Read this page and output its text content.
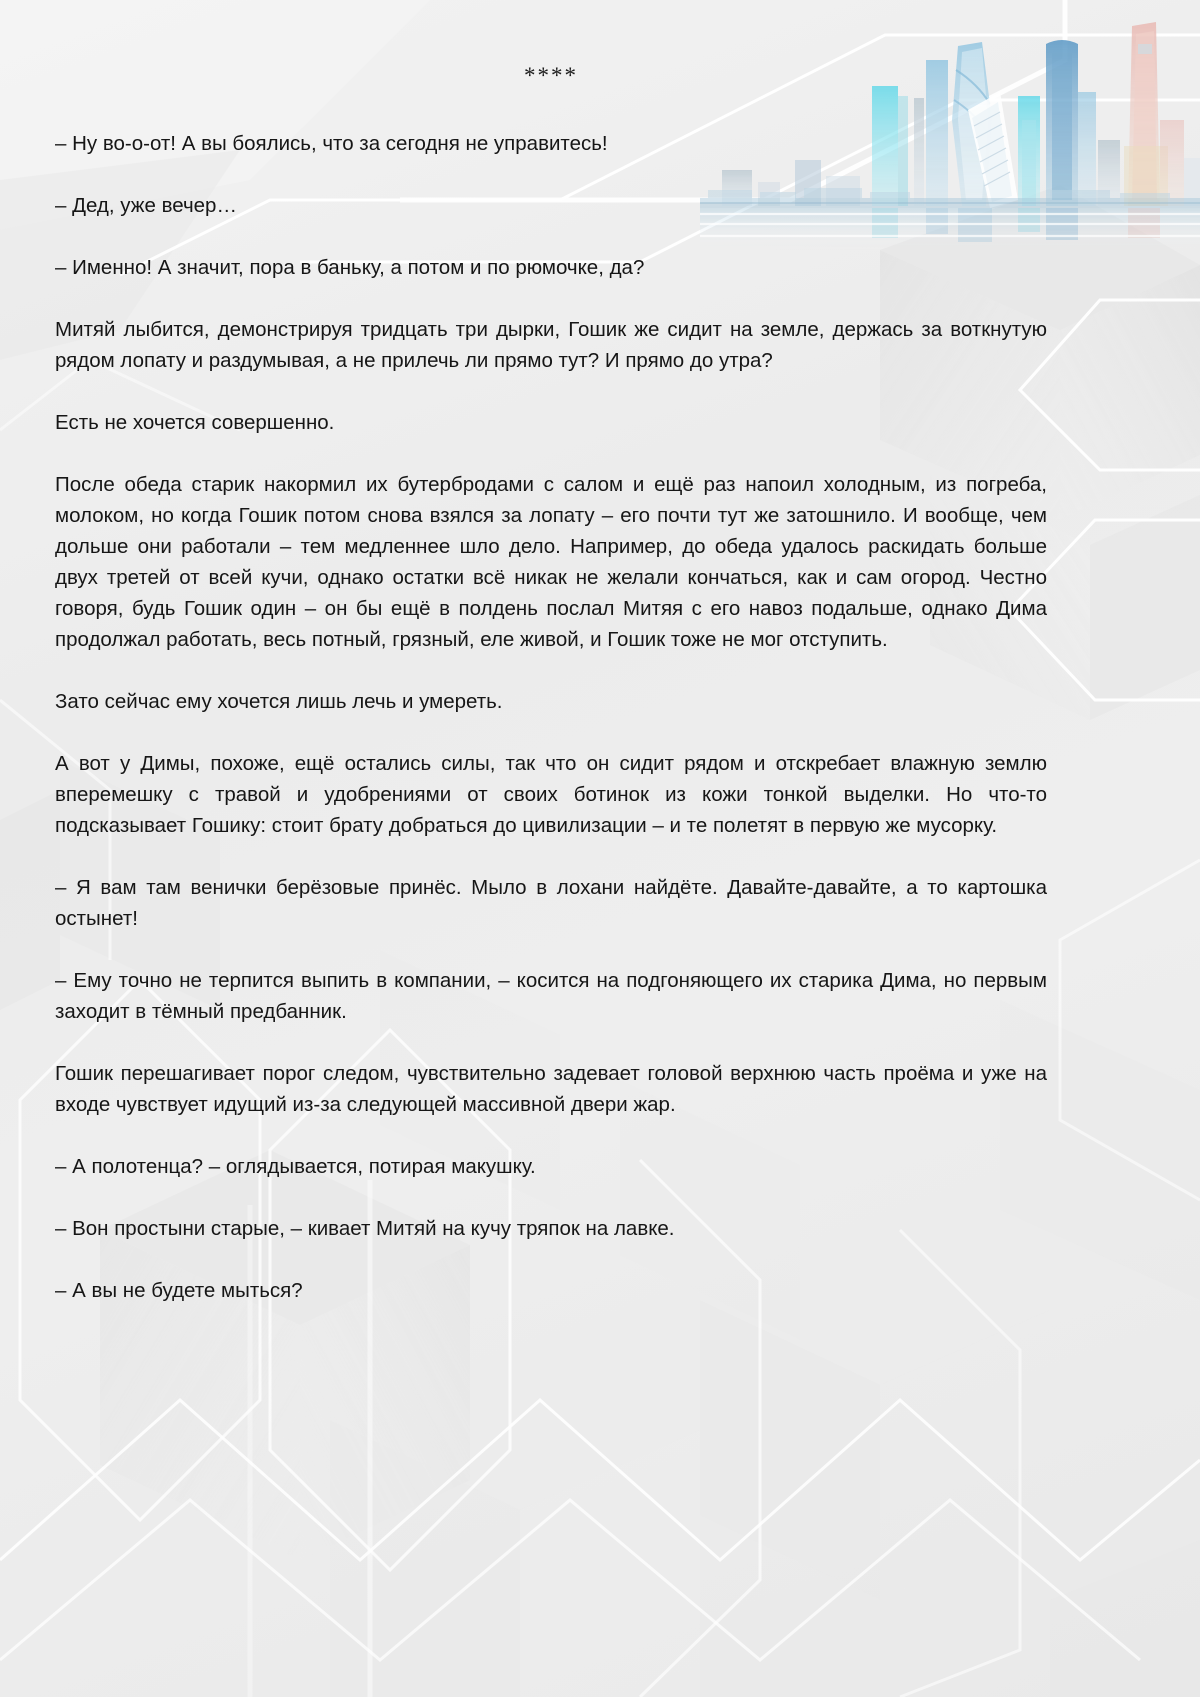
****

– Ну во-о-от! А вы боялись, что за сегодня не управитесь!

– Дед, уже вечер…

– Именно! А значит, пора в баньку, а потом и по рюмочке, да?

Митяй лыбится, демонстрируя тридцать три дырки, Гошик же сидит на земле, держась за воткнутую рядом лопату и раздумывая, а не прилечь ли прямо тут? И прямо до утра?

Есть не хочется совершенно.

После обеда старик накормил их бутербродами с салом и ещё раз напоил холодным, из погреба, молоком, но когда Гошик потом снова взялся за лопату – его почти тут же затошнило. И вообще, чем дольше они работали – тем медленнее шло дело. Например, до обеда удалось раскидать больше двух третей от всей кучи, однако остатки всё никак не желали кончаться, как и сам огород. Честно говоря, будь Гошик один – он бы ещё в полдень послал Митяя с его навоз подальше, однако Дима продолжал работать, весь потный, грязный, еле живой, и Гошик тоже не мог отступить.

Зато сейчас ему хочется лишь лечь и умереть.

А вот у Димы, похоже, ещё остались силы, так что он сидит рядом и отскребает влажную землю вперемешку с травой и удобрениями от своих ботинок из кожи тонкой выделки. Но что-то подсказывает Гошику: стоит брату добраться до цивилизации – и те полетят в первую же мусорку.

– Я вам там венички берёзовые принёс. Мыло в лохани найдёте. Давайте-давайте, а то картошка остынет!

– Ему точно не терпится выпить в компании, – косится на подгоняющего их старика Дима, но первым заходит в тёмный предбанник.

Гошик перешагивает порог следом, чувствительно задевает головой верхнюю часть проёма и уже на входе чувствует идущий из-за следующей массивной двери жар.

– А полотенца? – оглядывается, потирая макушку.

– Вон простыни старые, – кивает Митяй на кучу тряпок на лавке.

– А вы не будете мыться?
